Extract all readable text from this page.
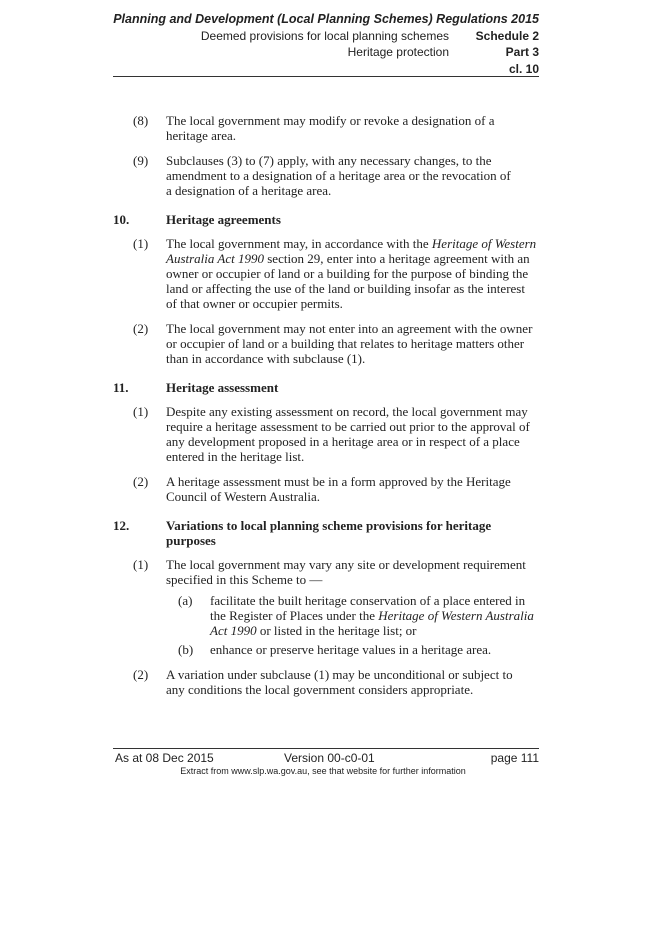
Planning and Development (Local Planning Schemes) Regulations 2015
Deemed provisions for local planning schemes Schedule 2
Heritage protection	Part 3
cl. 10
(8) The local government may modify or revoke a designation of a heritage area.
(9) Subclauses (3) to (7) apply, with any necessary changes, to the amendment to a designation of a heritage area or the revocation of a designation of a heritage area.
10.	Heritage agreements
(1) The local government may, in accordance with the Heritage of Western Australia Act 1990 section 29, enter into a heritage agreement with an owner or occupier of land or a building for the purpose of binding the land or affecting the use of the land or building insofar as the interest of that owner or occupier permits.
(2) The local government may not enter into an agreement with the owner or occupier of land or a building that relates to heritage matters other than in accordance with subclause (1).
11.	Heritage assessment
(1) Despite any existing assessment on record, the local government may require a heritage assessment to be carried out prior to the approval of any development proposed in a heritage area or in respect of a place entered in the heritage list.
(2) A heritage assessment must be in a form approved by the Heritage Council of Western Australia.
12.	Variations to local planning scheme provisions for heritage purposes
(1) The local government may vary any site or development requirement specified in this Scheme to —
(a) facilitate the built heritage conservation of a place entered in the Register of Places under the Heritage of Western Australia Act 1990 or listed in the heritage list; or
(b) enhance or preserve heritage values in a heritage area.
(2) A variation under subclause (1) may be unconditional or subject to any conditions the local government considers appropriate.
As at 08 Dec 2015	Version 00-c0-01	page 111
Extract from www.slp.wa.gov.au, see that website for further information
